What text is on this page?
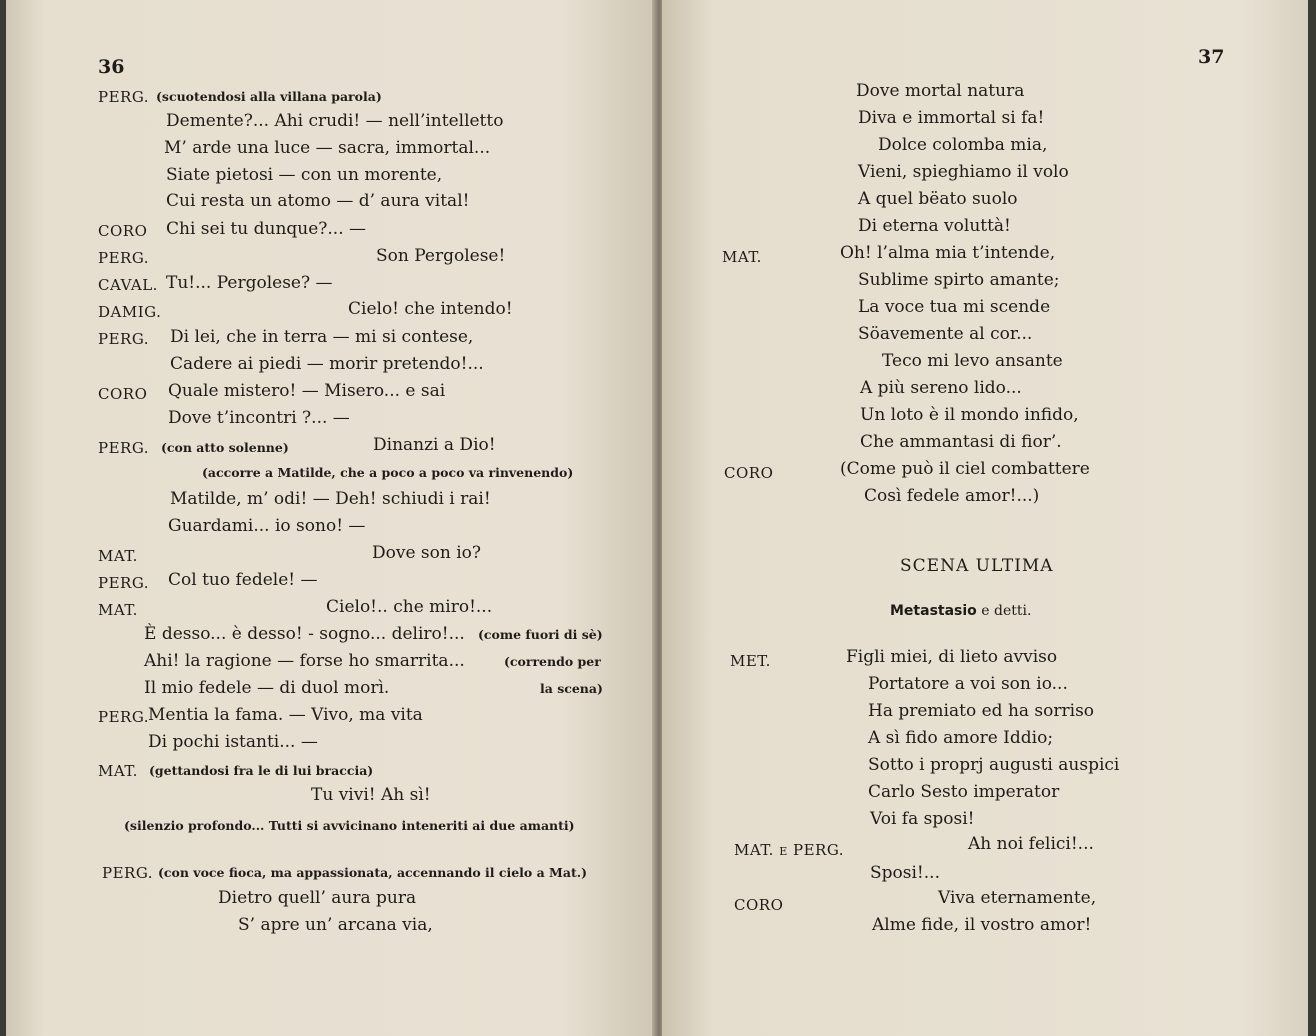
36
PERG. (scuotendosi alla villana parola)
Demente?... Ahi crudi! — nell’intelletto
M’ arde una luce — sacra, immortal...
Siate pietosi — con un morente,
Cui resta un atomo — d’ aura vital!
CORO Chi sei tu dunque?... —
PERG.	Son Pergolese!
CAVAL. Tu!... Pergolese? —
DAMIG.	Cielo! che intendo!
PERG. Di lei, che in terra — mi si contese,
Cadere ai piedi — morir pretendo!...
CORO Quale mistero! — Misero... e sai
Dove t’incontri ?... —
PERG. (con atto solenne)	Dinanzi a Dio!
(accorre a Matilde, che a poco a poco va rinvenendo)
Matilde, m’ odi! — Deh! schiudi i rai!
Guardami... io sono! —
MAT.	Dove son io?
PERG. Col tuo fedele! —
MAT.	Cielo!.. che miro!...
È desso... è desso! - sogno... deliro!... (come fuori di sè)
Ahi! la ragione — forse ho smarrita...	(correndo per
Il mio fedele — di duol morì.	la scena)
PERG.
Mentia la fama. — Vivo, ma vita
Di pochi istanti... —
MAT. (gettandosi fra le di lui braccia)
Tu vivi! Ah sì!
(silenzio profondo... Tutti si avvicinano inteneriti ai due amanti)
PERG. (con voce fioca, ma appassionata, accennando il cielo a Mat.)
Dietro quell’ aura pura
S’ apre un’ arcana via,
37
Dove mortal natura
Diva e immortal si fa!
Dolce colomba mia,
Vieni, spieghiamo il volo
A quel bëato suolo
Di eterna voluttà!
MAT.	Oh! l’alma mia t’intende,
Sublime spirto amante;
La voce tua mi scende
Söavemente al cor...
Teco mi levo ansante
A più sereno lido...
Un loto è il mondo infido,
Che ammantasi di fior’.
CORO	(Come può il ciel combattere
Così fedele amor!...)
SCENA ULTIMA
Metastasio e detti.
MET.	Figli miei, di lieto avviso
Portatore a voi son io...
Ha premiato ed ha sorriso
A sì fido amore Iddio;
Sotto i proprj augusti auspici
Carlo Sesto imperator
Voi fa sposi!
MAT. e PERG.	Ah noi felici!...
Sposi!...
CORO	Viva eternamente,
Alme fide, il vostro amor!
